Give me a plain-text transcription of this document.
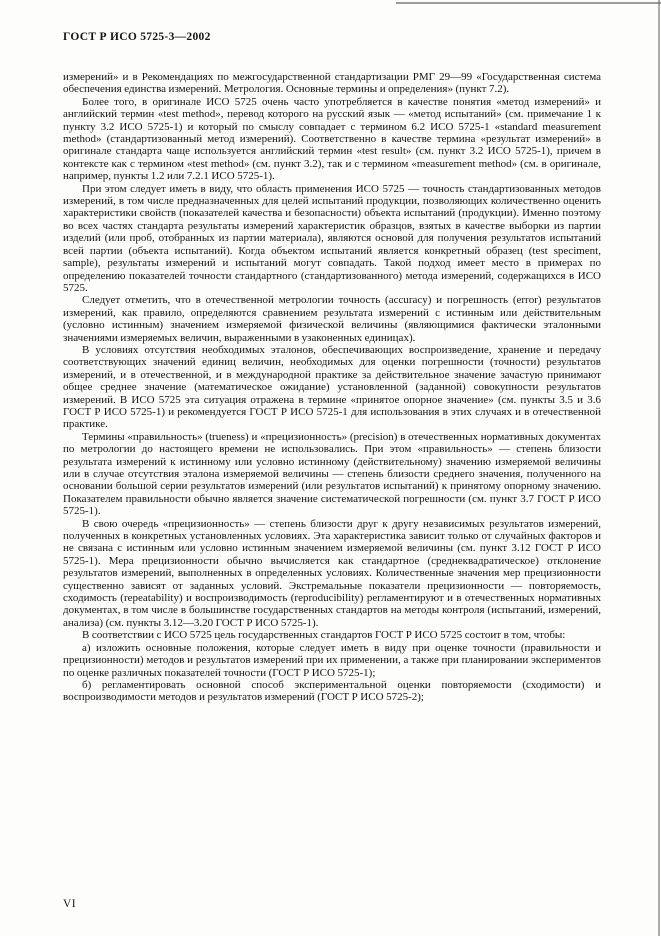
ГОСТ Р ИСО 5725-3—2002

измерений» и в Рекомендациях по межгосударственной стандартизации РМГ 29—99 «Государственная система обеспечения единства измерений. Метрология. Основные термины и определения» (пункт 7.2).

Более того, в оригинале ИСО 5725 очень часто употребляется в качестве понятия «метод измерений» и английский термин «test method», перевод которого на русский язык — «метод испытаний» (см. примечание 1 к пункту 3.2 ИСО 5725-1) и который по смыслу совпадает с термином 6.2 ИСО 5725-1 «standard measurement method» (стандартизованный метод измерений). Соответственно в качестве термина «результат измерений» в оригинале стандарта чаще используется английский термин «test result» (см. пункт 3.2 ИСО 5725-1), причем в контексте как с термином «test method» (см. пункт 3.2), так и с термином «measurement method» (см. в оригинале, например, пункты 1.2 или 7.2.1 ИСО 5725-1).

При этом следует иметь в виду, что область применения ИСО 5725 — точность стандартизованных методов измерений, в том числе предназначенных для целей испытаний продукции, позволяющих количественно оценить характеристики свойств (показателей качества и безопасности) объекта испытаний (продукции). Именно поэтому во всех частях стандарта результаты измерений характеристик образцов, взятых в качестве выборки из партии изделий (или проб, отобранных из партии материала), являются основой для получения результатов испытаний всей партии (объекта испытаний). Когда объектом испытаний является конкретный образец (test speciment, sample), результаты измерений и испытаний могут совпадать. Такой подход имеет место в примерах по определению показателей точности стандартного (стандартизованного) метода измерений, содержащихся в ИСО 5725.

Следует отметить, что в отечественной метрологии точность (accuracy) и погрешность (error) результатов измерений, как правило, определяются сравнением результата измерений с истинным или действительным (условно истинным) значением измеряемой физической величины (являющимися фактически эталонными значениями измеряемых величин, выраженными в узаконенных единицах).

В условиях отсутствия необходимых эталонов, обеспечивающих воспроизведение, хранение и передачу соответствующих значений единиц величин, необходимых для оценки погрешности (точности) результатов измерений, и в отечественной, и в международной практике за действительное значение зачастую принимают общее среднее значение (математическое ожидание) установленной (заданной) совокупности результатов измерений. В ИСО 5725 эта ситуация отражена в термине «принятое опорное значение» (см. пункты 3.5 и 3.6 ГОСТ Р ИСО 5725-1) и рекомендуется ГОСТ Р ИСО 5725-1 для использования в этих случаях и в отечественной практике.

Термины «правильность» (trueness) и «прецизионность» (precision) в отечественных нормативных документах по метрологии до настоящего времени не использовались. При этом «правильность» — степень близости результата измерений к истинному или условно истинному (действительному) значению измеряемой величины или в случае отсутствия эталона измеряемой величины — степень близости среднего значения, полученного на основании большой серии результатов измерений (или результатов испытаний) к принятому опорному значению. Показателем правильности обычно является значение систематической погрешности (см. пункт 3.7 ГОСТ Р ИСО 5725-1).

В свою очередь «прецизионность» — степень близости друг к другу независимых результатов измерений, полученных в конкретных установленных условиях. Эта характеристика зависит только от случайных факторов и не связана с истинным или условно истинным значением измеряемой величины (см. пункт 3.12 ГОСТ Р ИСО 5725-1). Мера прецизионности обычно вычисляется как стандартное (среднеквадратическое) отклонение результатов измерений, выполненных в определенных условиях. Количественные значения мер прецизионности существенно зависят от заданных условий. Экстремальные показатели прецизионности — повторяемость, сходимость (repeatability) и воспроизводимость (reproducibility) регламентируют и в отечественных нормативных документах, в том числе в большинстве государственных стандартов на методы контроля (испытаний, измерений, анализа) (см. пункты 3.12—3.20 ГОСТ Р ИСО 5725-1).

В соответствии с ИСО 5725 цель государственных стандартов ГОСТ Р ИСО 5725 состоит в том, чтобы:

а) изложить основные положения, которые следует иметь в виду при оценке точности (правильности и прецизионности) методов и результатов измерений при их применении, а также при планировании экспериментов по оценке различных показателей точности (ГОСТ Р ИСО 5725-1);

б) регламентировать основной способ экспериментальной оценки повторяемости (сходимости) и воспроизводимости методов и результатов измерений (ГОСТ Р ИСО 5725-2);

VI
